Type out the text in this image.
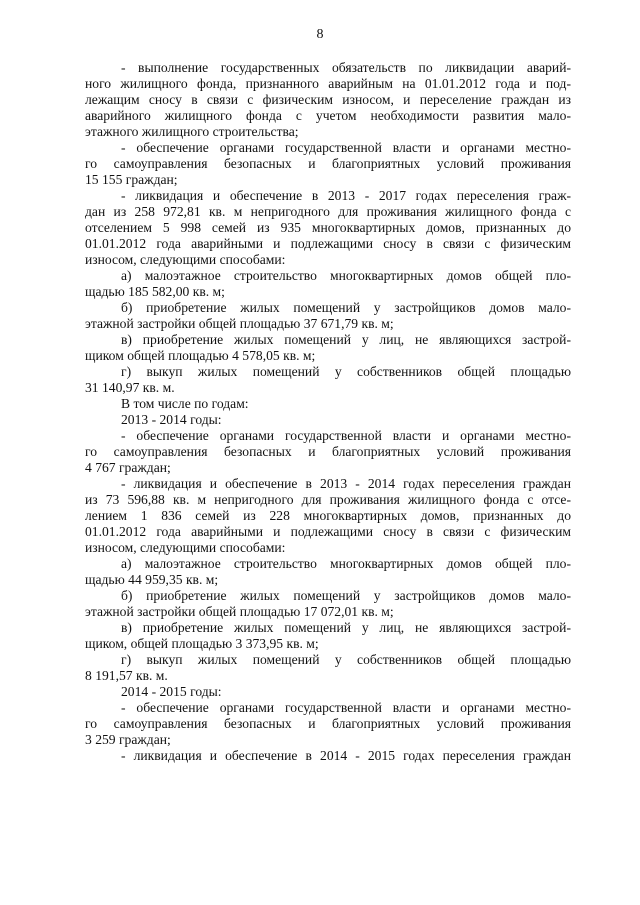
8
- выполнение государственных обязательств по ликвидации аварий-
ного жилищного фонда, признанного аварийным на 01.01.2012 года и под-
лежащим сносу в связи с физическим износом, и переселение граждан из
аварийного жилищного фонда с учетом необходимости развития мало-
этажного жилищного строительства;
- обеспечение органами государственной власти и органами местно-
го самоуправления безопасных и благоприятных условий проживания
15 155 граждан;
- ликвидация и обеспечение в 2013 - 2017 годах переселения граж-
дан из 258 972,81 кв. м непригодного для проживания жилищного фонда с
отселением 5 998 семей из 935 многоквартирных домов, признанных до
01.01.2012 года аварийными и подлежащими сносу в связи с физическим
износом, следующими способами:
а) малоэтажное строительство многоквартирных домов общей пло-
щадью 185 582,00 кв. м;
б) приобретение жилых помещений у застройщиков домов мало-
этажной застройки общей площадью 37 671,79 кв. м;
в) приобретение жилых помещений у лиц, не являющихся застрой-
щиком общей площадью 4 578,05 кв. м;
г) выкуп жилых помещений у собственников общей площадью
31 140,97 кв. м.
В том числе по годам:
2013 - 2014 годы:
- обеспечение органами государственной власти и органами местно-
го самоуправления безопасных и благоприятных условий проживания
4 767 граждан;
- ликвидация и обеспечение в 2013 - 2014 годах переселения граждан
из 73 596,88 кв. м непригодного для проживания жилищного фонда с отсе-
лением 1 836 семей из 228 многоквартирных домов, признанных до
01.01.2012 года аварийными и подлежащими сносу в связи с физическим
износом, следующими способами:
а) малоэтажное строительство многоквартирных домов общей пло-
щадью 44 959,35 кв. м;
б) приобретение жилых помещений у застройщиков домов мало-
этажной застройки общей площадью 17 072,01 кв. м;
в) приобретение жилых помещений у лиц, не являющихся застрой-
щиком, общей площадью 3 373,95 кв. м;
г) выкуп жилых помещений у собственников общей площадью
8 191,57 кв. м.
2014 - 2015 годы:
- обеспечение органами государственной власти и органами местно-
го самоуправления безопасных и благоприятных условий проживания
3 259 граждан;
- ликвидация и обеспечение в 2014 - 2015 годах переселения граждан
